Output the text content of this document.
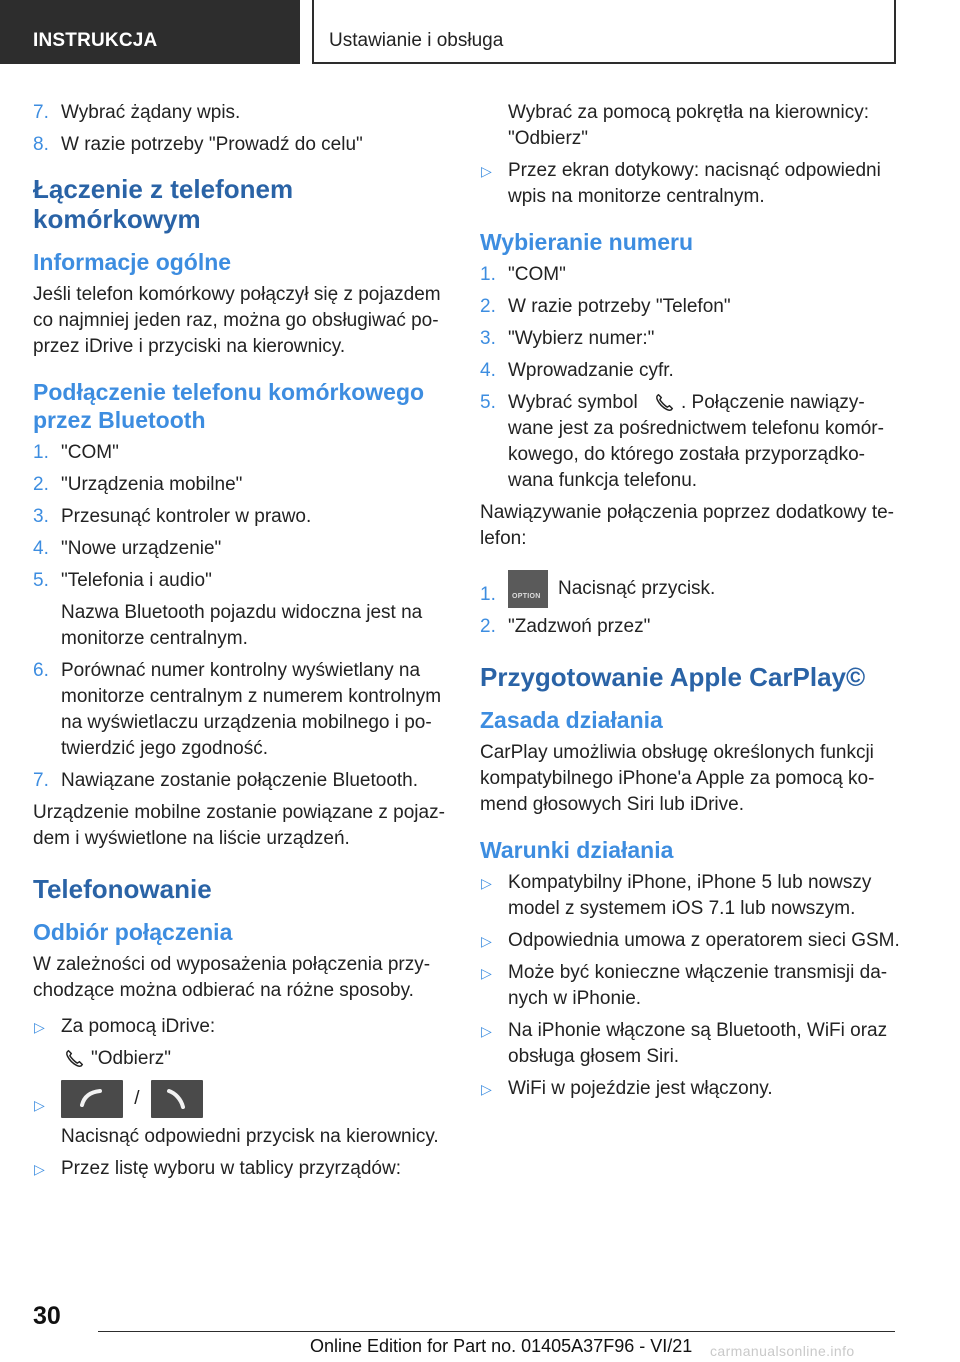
INSTRUKCJA	Ustawianie i obsługa
7. Wybrać żądany wpis.
8. W razie potrzeby "Prowadź do celu"
Łączenie z telefonem komórkowym
Informacje ogólne
Jeśli telefon komórkowy połączył się z pojazdem co najmniej jeden raz, można go obsługiwać po- przez iDrive i przyciski na kierownicy.
Podłączenie telefonu komórkowego przez Bluetooth
1. "COM"
2. "Urządzenia mobilne"
3. Przesunąć kontroler w prawo.
4. "Nowe urządzenie"
5. "Telefonia i audio"
Nazwa Bluetooth pojazdu widoczna jest na monitorze centralnym.
6. Porównać numer kontrolny wyświetlany na monitorze centralnym z numerem kontrolnym na wyświetlaczu urządzenia mobilnego i po- twierdzić jego zgodność.
7. Nawiązane zostanie połączenie Bluetooth.
Urządzenie mobilne zostanie powiązane z pojaz- dem i wyświetlone na liście urządzeń.
Telefonowanie
Odbiór połączenia
W zależności od wyposażenia połączenia przy- chodzące można odbierać na różne sposoby.
▷ Za pomocą iDrive:
"Odbierz"
▷	/
Nacisnąć odpowiedni przycisk na kierownicy.
▷ Przez listę wyboru w tablicy przyrządów:
Wybrać za pomocą pokrętła na kierownicy: "Odbierz"
▷ Przez ekran dotykowy: nacisnąć odpowiedni wpis na monitorze centralnym.
Wybieranie numeru
1. "COM"
2. W razie potrzeby "Telefon"
3. "Wybierz numer:"
4. Wprowadzanie cyfr.
5. Wybrać symbol . Połączenie nawiązy- wane jest za pośrednictwem telefonu komór- kowego, do którego została przyporządko- wana funkcja telefonu.
Nawiązywanie połączenia poprzez dodatkowy te- lefon:
1. OPTION Nacisnąć przycisk.
2. "Zadzwoń przez"
Przygotowanie Apple CarPlay©
Zasada działania
CarPlay umożliwia obsługę określonych funkcji kompatybilnego iPhone'a Apple za pomocą ko- mend głosowych Siri lub iDrive.
Warunki działania
▷ Kompatybilny iPhone, iPhone 5 lub nowszy model z systemem iOS 7.1 lub nowszym.
▷ Odpowiednia umowa z operatorem sieci GSM.
▷ Może być konieczne włączenie transmisji da- nych w iPhonie.
▷ Na iPhonie włączone są Bluetooth, WiFi oraz obsługa głosem Siri.
▷ WiFi w pojeździe jest włączony.
30
Online Edition for Part no. 01405A37F96 - VI/21 carmanualsonline.info
